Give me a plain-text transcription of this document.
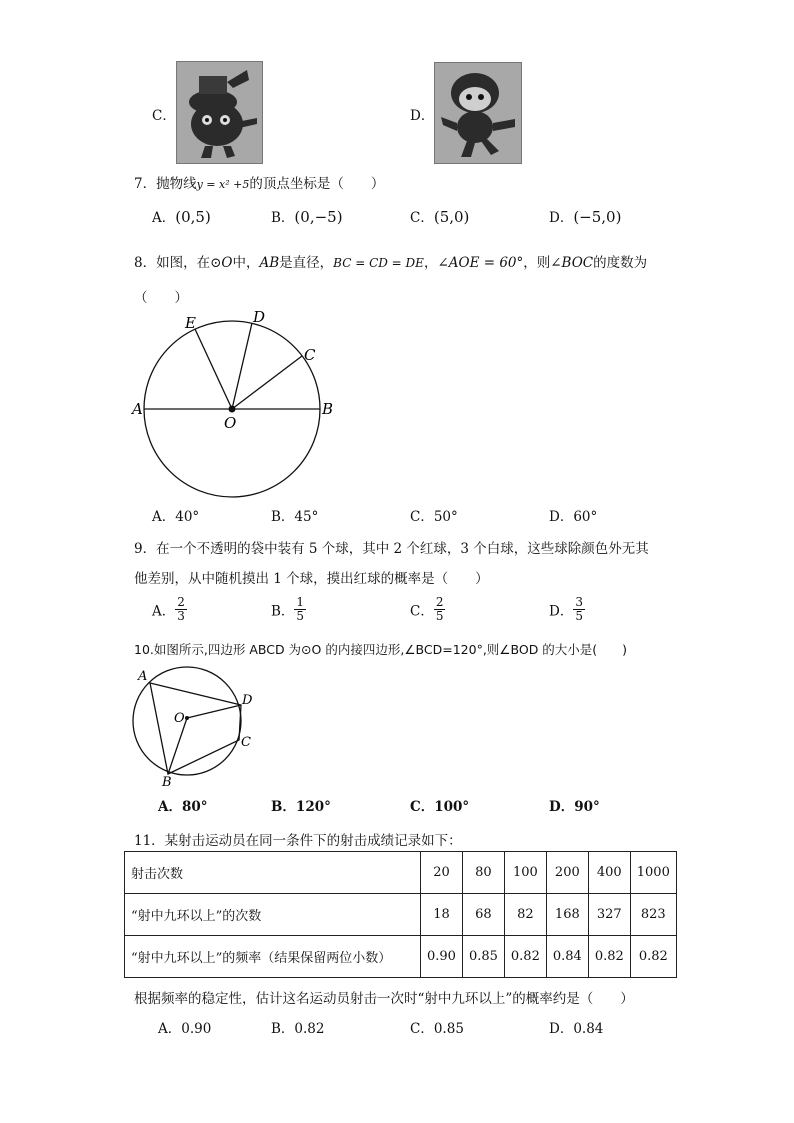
C．	D．
7．抛物线y = x² +5的顶点坐标是（　　）
A．(0,5)	B．(0,−5)	C．(5,0)	D．(−5,0)
8．如图，在⊙O中，AB是直径，BC = CD = DE，∠AOE = 60°，则∠BOC的度数为
（　　）
A	B
C
D
E
O
A．40°	B．45°	C．50°	D．60°
9．在一个不透明的袋中装有 5 个球，其中 2 个红球，3 个白球，这些球除颜色外无其
他差别，从中随机摸出 1 个球，摸出红球的概率是（　　）
A． $\frac{2}{3}$	B． $\frac{1}{5}$	C． $\frac{2}{5}$	D． $\frac{3}{5}$
10.如图所示,四边形 ABCD 为⊙O 的内接四边形,∠BCD=120°,则∠BOD 的大小是(　　)
A
B
C
D
O
A．80°	B．120°	C．100°	D．90°
11．某射击运动员在同一条件下的射击成绩记录如下：
射击次数	20	80	100	200	400	1000
“射中九环以上”的次数	18	68	82	168	327	823
“射中九环以上”的频率（结果保留两位小数）	0.90	0.85	0.82	0.84	0.82	0.82
根据频率的稳定性，估计这名运动员射击一次时“射中九环以上”的概率约是（　　）
A．0.90	B．0.82	C．0.85	D．0.84
